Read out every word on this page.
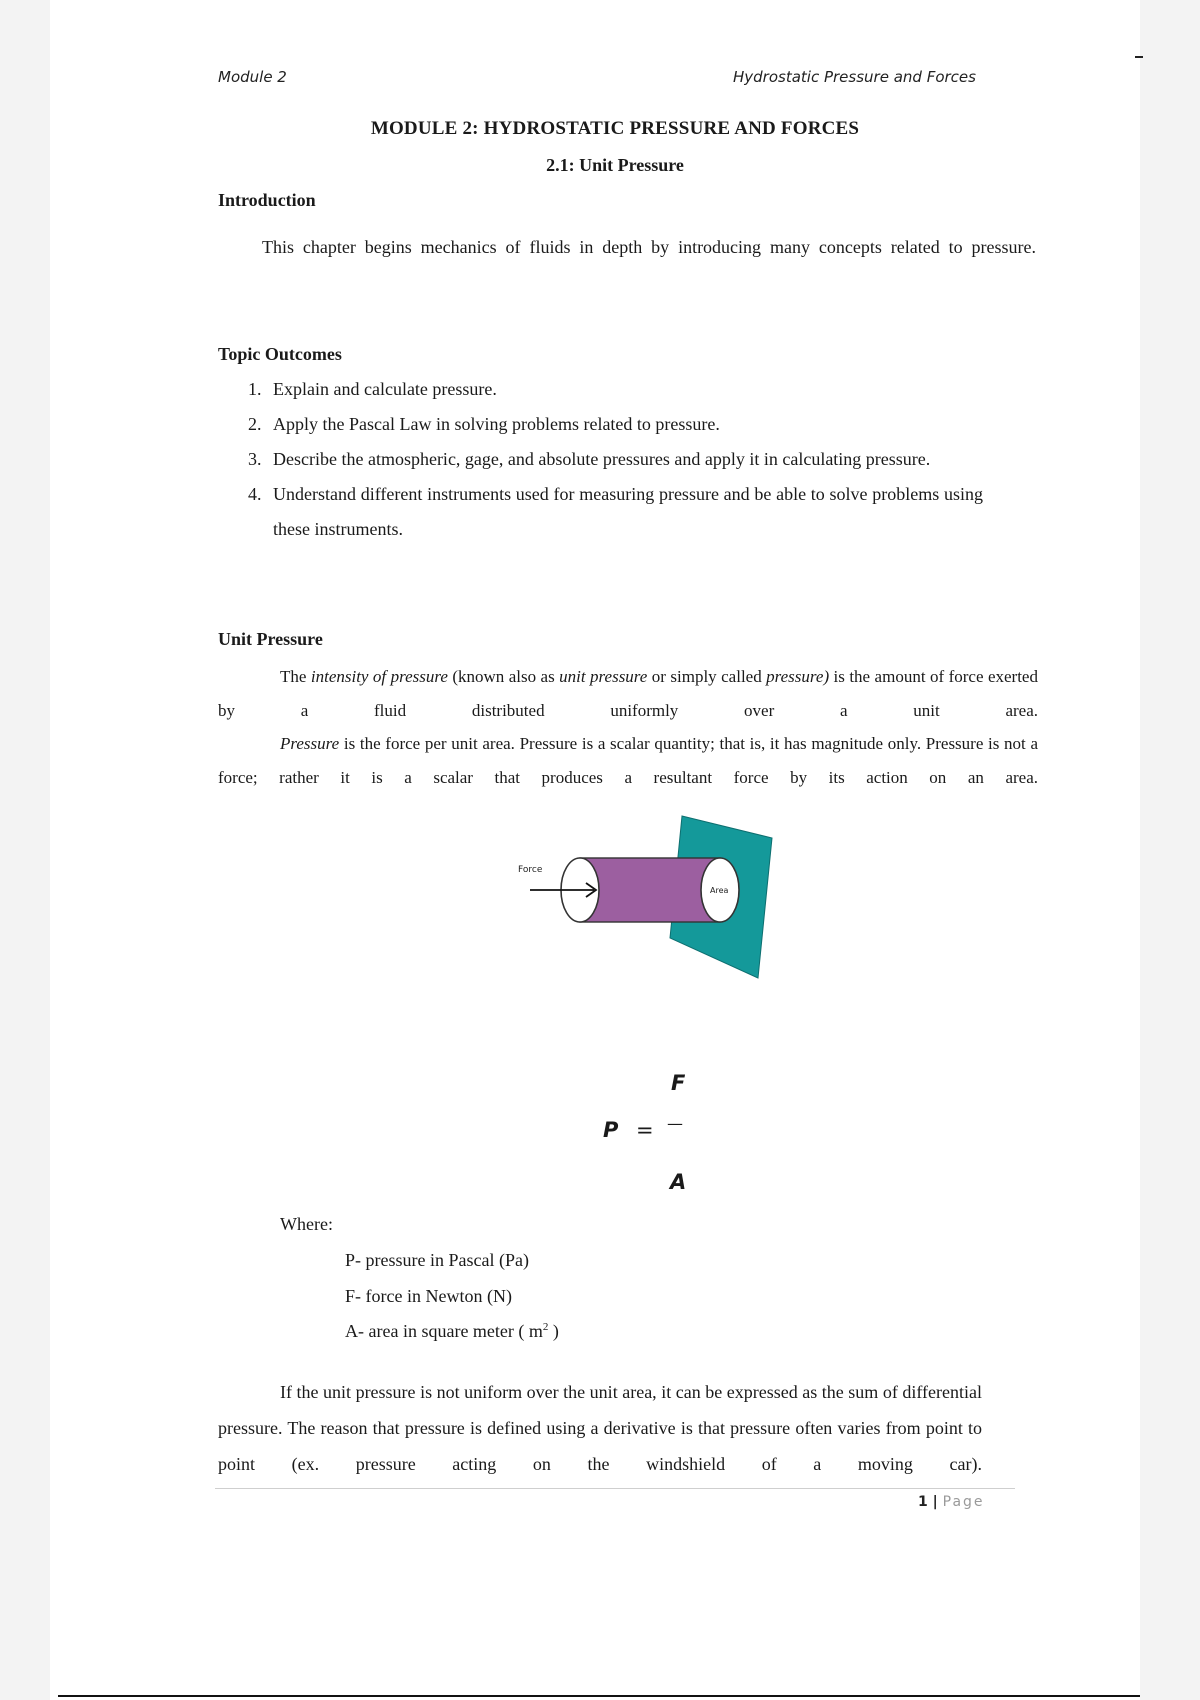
Module 2	Hydrostatic Pressure and Forces
MODULE 2: HYDROSTATIC PRESSURE AND FORCES
2.1: Unit Pressure
Introduction
This chapter begins mechanics of fluids in depth by introducing many concepts related to pressure.
Topic Outcomes
1. Explain and calculate pressure.
2. Apply the Pascal Law in solving problems related to pressure.
3. Describe the atmospheric, gage, and absolute pressures and apply it in calculating pressure.
4. Understand different instruments used for measuring pressure and be able to solve problems using these instruments.
Unit Pressure
The intensity of pressure (known also as unit pressure or simply called pressure) is the amount of force exerted by a fluid distributed uniformly over a unit area.
Pressure is the force per unit area. Pressure is a scalar quantity; that is, it has magnitude only. Pressure is not a force; rather it is a scalar that produces a resultant force by its action on an area.
Force
Area
P =
F
—
A
Where:
P- pressure in Pascal (Pa)
F- force in Newton (N)
A- area in square meter ( $m^2$ )
If the unit pressure is not uniform over the unit area, it can be expressed as the sum of differential pressure. The reason that pressure is defined using a derivative is that pressure often varies from point to point (ex. pressure acting on the windshield of a moving car).
1 | Page
